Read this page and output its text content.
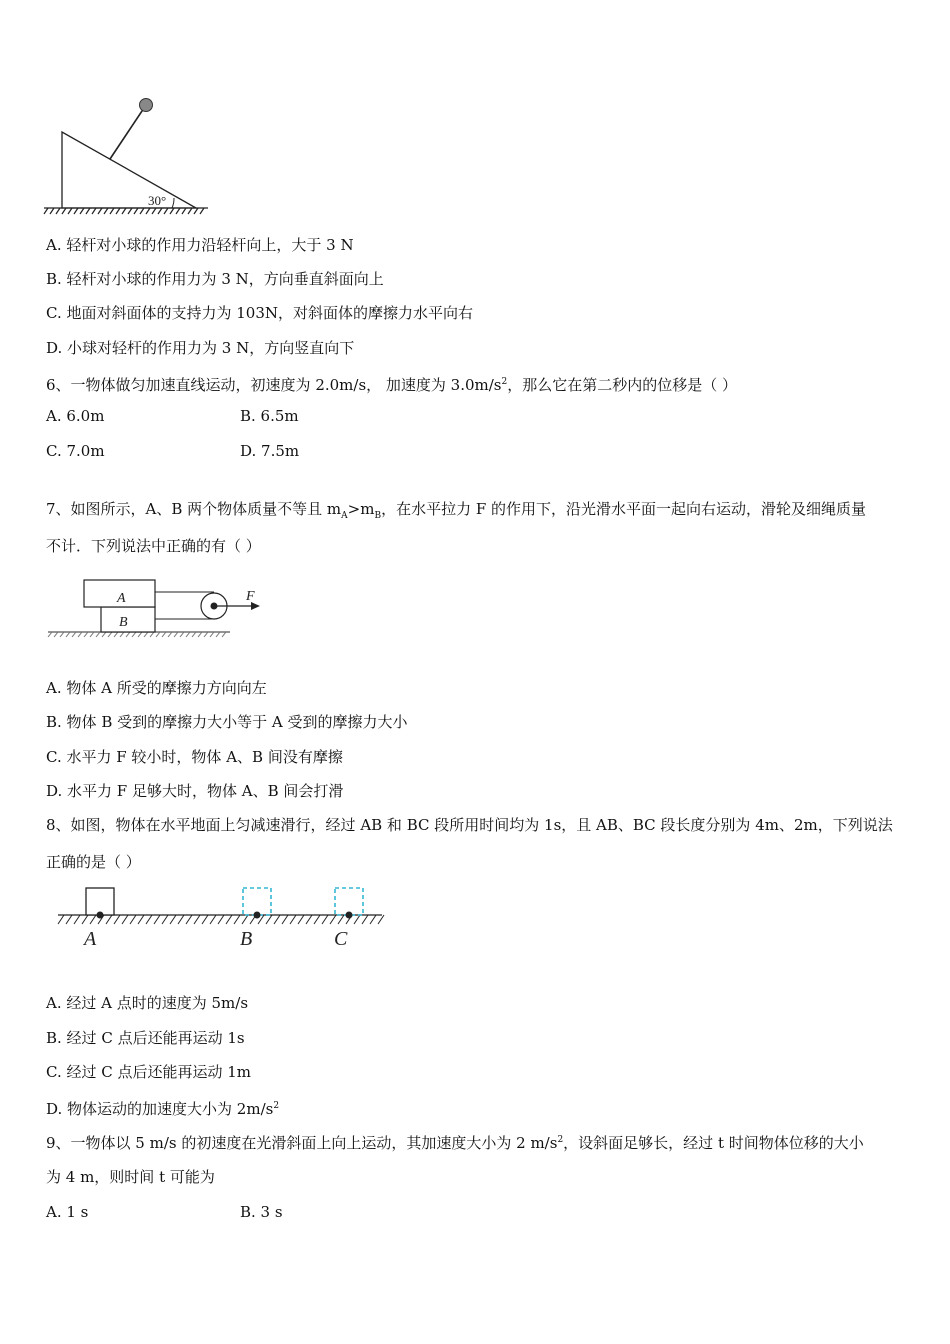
30°
A. 轻杆对小球的作用力沿轻杆向上，大于 3 N
B. 轻杆对小球的作用力为 3 N，方向垂直斜面向上
C. 地面对斜面体的支持力为 103N，对斜面体的摩擦力水平向右
D. 小球对轻杆的作用力为 3 N，方向竖直向下
6、一物体做匀加速直线运动，初速度为 2.0m/s， 加速度为 $3.0m/s^2$，那么它在第二秒内的位移是（ ）
A. 6.0m	B. 6.5m
C. 7.0m	D. 7.5m
7、如图所示，A、B 两个物体质量不等且 $m_A>m_B$，在水平拉力 F 的作用下，沿光滑水平面一起向右运动，滑轮及细绳质量
不计．下列说法中正确的有（ ）
A
B
F
A. 物体 A 所受的摩擦力方向向左
B. 物体 B 受到的摩擦力大小等于 A 受到的摩擦力大小
C. 水平力 F 较小时，物体 A、B 间没有摩擦
D. 水平力 F 足够大时，物体 A、B 间会打滑
8、如图，物体在水平地面上匀减速滑行，经过 AB 和 BC 段所用时间均为 1s，且 AB、BC 段长度分别为 4m、2m，下列说法
正确的是（ ）
A	B	C
A. 经过 A 点时的速度为 5m/s
B. 经过 C 点后还能再运动 1s
C. 经过 C 点后还能再运动 1m
D. 物体运动的加速度大小为 $2m/s^2$
9、一物体以 5 m/s 的初速度在光滑斜面上向上运动，其加速度大小为 2 $m/s^2$，设斜面足够长，经过 t 时间物体位移的大小
为 4 m，则时间 t 可能为
A. 1 s	B. 3 s
